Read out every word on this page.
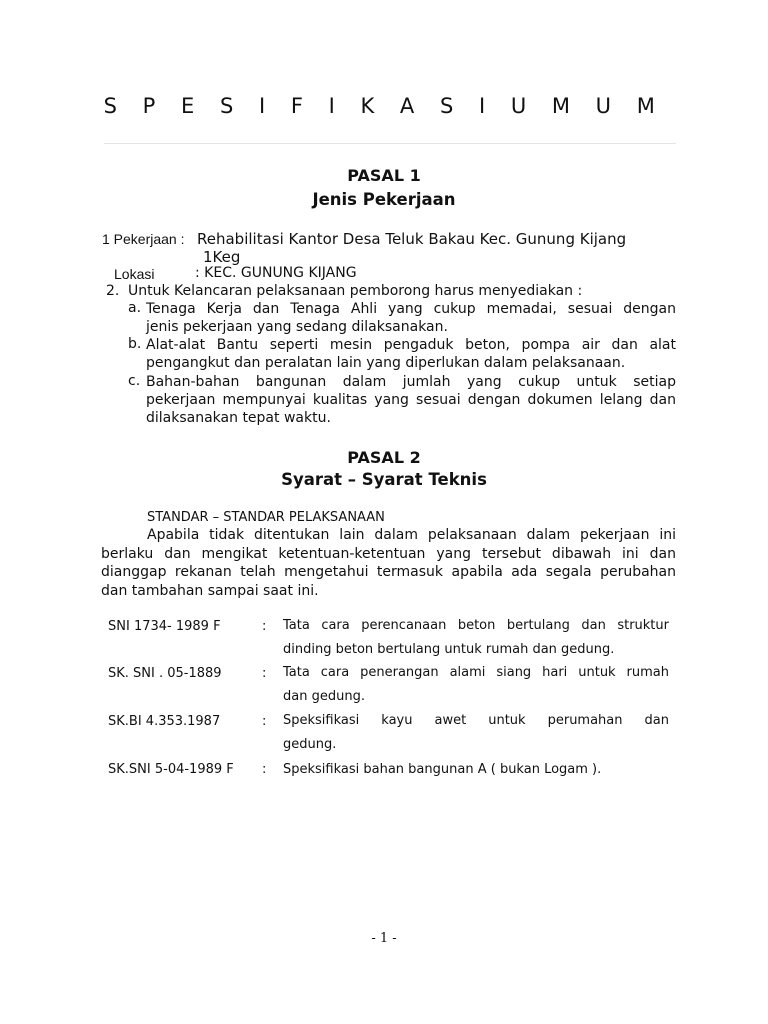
S P E S I F I K A S I U M U M
PASAL 1
Jenis Pekerjaan
1 Pekerjaan : Rehabilitasi Kantor Desa Teluk Bakau Kec. Gunung Kijang
1Keg
Lokasi	: KEC. GUNUNG KIJANG
2. Untuk Kelancaran pelaksanaan pemborong harus menyediakan :
a. Tenaga Kerja dan Tenaga Ahli yang cukup memadai, sesuai dengan
jenis pekerjaan yang sedang dilaksanakan.
b. Alat-alat Bantu seperti mesin pengaduk beton, pompa air dan alat
pengangkut dan peralatan lain yang diperlukan dalam pelaksanaan.
c. Bahan-bahan bangunan dalam jumlah yang cukup untuk setiap
pekerjaan mempunyai kualitas yang sesuai dengan dokumen lelang dan
dilaksanakan tepat waktu.
PASAL 2
Syarat – Syarat Teknis
STANDAR – STANDAR PELAKSANAAN
Apabila tidak ditentukan lain dalam pelaksanaan dalam pekerjaan ini
berlaku dan mengikat ketentuan-ketentuan yang tersebut dibawah ini dan
dianggap rekanan telah mengetahui termasuk apabila ada segala perubahan
dan tambahan sampai saat ini.
SNI 1734- 1989 F	: Tata cara perencanaan beton bertulang dan struktur
dinding beton bertulang untuk rumah dan gedung.
SK. SNI . 05-1889	: Tata cara penerangan alami siang hari untuk rumah
dan gedung.
SK.BI 4.353.1987	: Speksifikasi kayu awet untuk perumahan dan
gedung.
SK.SNI 5-04-1989 F : Speksifikasi bahan bangunan A ( bukan Logam ).
- 1 -
